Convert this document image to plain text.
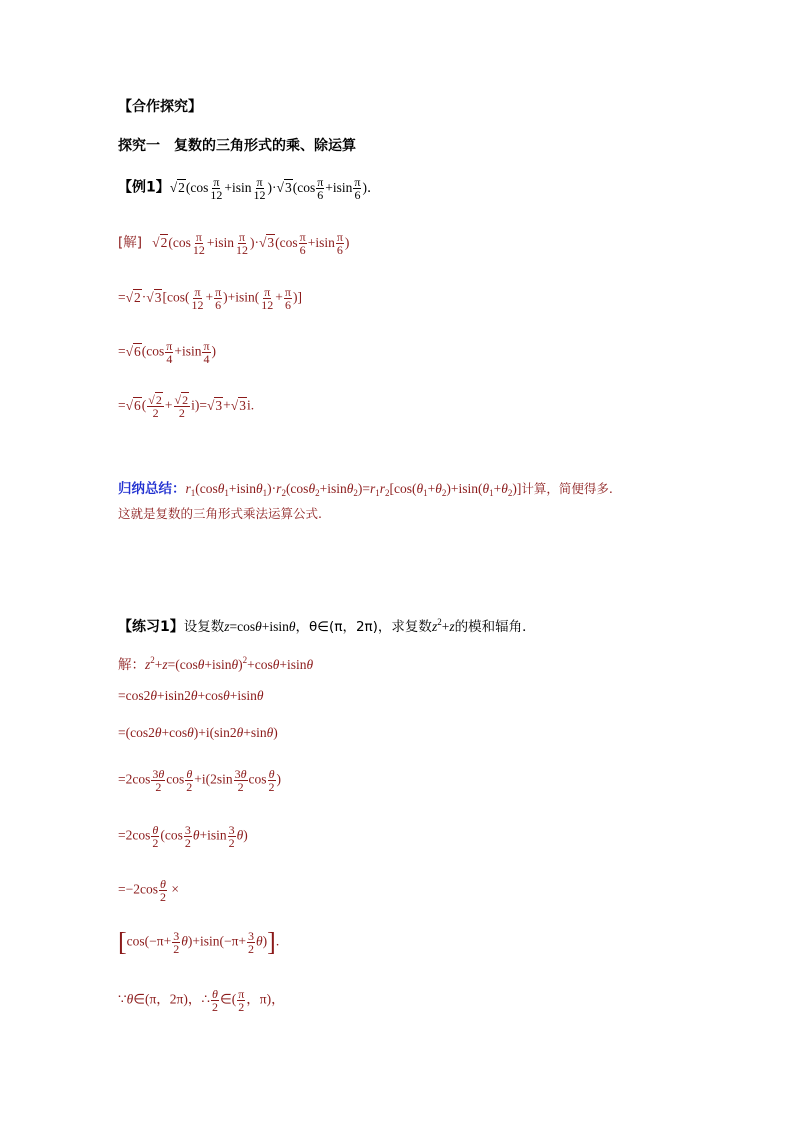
【合作探究】
探究一　复数的三角形式的乘、除运算
【例1】$√2(\cos \frac{\pi}{12} +isin \frac{\pi}{12} )\cdot√3(\cos \frac{\pi}{6} +isin \frac{\pi}{6}$ )．
[解] $√2(\cos \frac{\pi}{12} +isin \frac{\pi}{12} )\cdot√3(\cos \frac{\pi}{6} +isin \frac{\pi}{6}$ )
$=√2\cdot√3[\cos( \frac{\pi}{12} + \frac{\pi}{6} )+isin( \frac{\pi}{12} + \frac{\pi}{6}$ )]
$=√6(\cos \frac{\pi}{4} +isin \frac{\pi}{4}$ )
$=√6( \frac{√2}{2} + \frac{√2}{2} i)=√3+√3i$.
归纳总结：$r_1(\cos\theta_1+isin\theta_1)\cdot r_2(\cos\theta_2+isin\theta_2)=r_1r_2[\cos(\theta_1+\theta_2)+isin(\theta_1+\theta_2)]$计算，简便得多.
这就是复数的三角形式乘法运算公式.
【练习1】设复数z=cosθ+isinθ，θ∈(π，2π)，求复数$z^2+z$的模和辐角．
解：$z^2+z=(\cos\theta+isin\theta)^2+\cos\theta+isin\theta$
=cos2θ+isin2θ+cosθ+isinθ
=(cos2θ+cosθ)+i(sin2θ+sinθ)
$=2\cos \frac{3\theta}{2}$ $\cos \frac{\theta}{2} +i(2\sin \frac{3\theta}{2}$ $\cos \frac{\theta}{2}$ )
$=2\cos \frac{\theta}{2} (\cos \frac{3}{2} \theta+isin \frac{3}{2} \theta)$
$=-2\cos \frac{\theta}{2}$ ×
$[\cos(-\pi+ \frac{3}{2} \theta)+isin(-\pi+ \frac{3}{2} \theta)]$.
∵θ∈(π，2π)，∴ $\frac{\theta}{2}$ ∈( $\frac{\pi}{2}$ ，π)，
